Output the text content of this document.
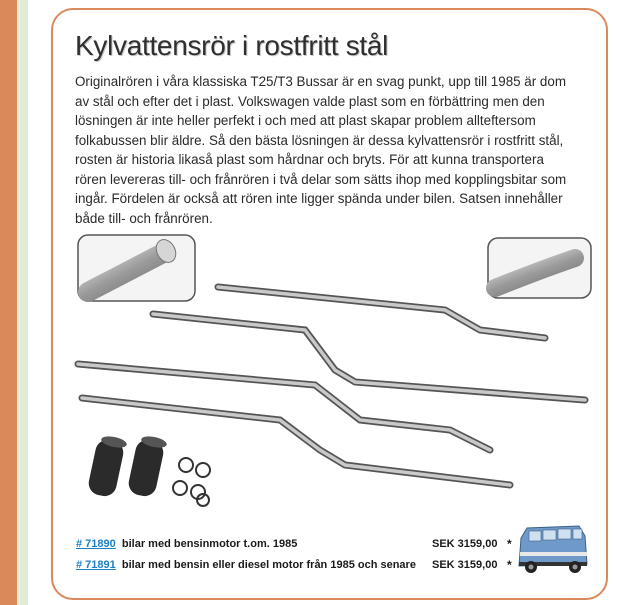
Kylvattensrör i rostfritt stål
Originalrören i våra klassiska T25/T3 Bussar är en svag punkt, upp till 1985 är dom av stål och efter det i plast. Volkswagen valde plast som en förbättring men den lösningen är inte heller perfekt i och med att plast skapar problem allteftersom folkabussen blir äldre. Så den bästa lösningen är dessa kylvattensrör i rostfritt stål, rosten är historia likaså plast som hårdnar och bryts. För att kunna transportera rören levereras till- och frånrören i två delar som sätts ihop med kopplingsbitar som ingår. Fördelen är också att rören inte ligger spända under bilen. Satsen innehåller både till- och frånrören.
# 71890 bilar med bensinmotor t.om. 1985	SEK 3159,00 *
# 71891 bilar med bensin eller diesel motor från 1985 och senare SEK 3159,00 *
